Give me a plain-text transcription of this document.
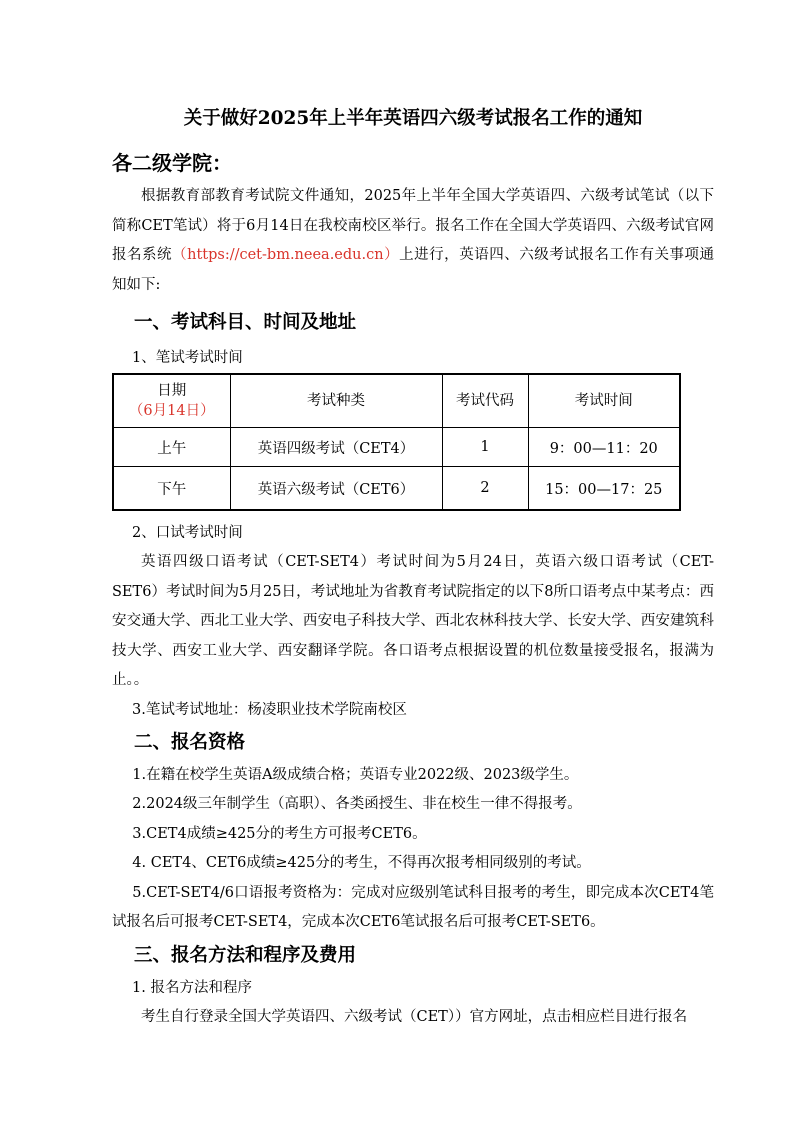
关于做好2025年上半年英语四六级考试报名工作的通知
各二级学院：

根据教育部教育考试院文件通知，2025年上半年全国大学英语四、六级考试笔试（以下简称CET笔试）将于6月14日在我校南校区举行。报名工作在全国大学英语四、六级考试官网报名系统（https://cet-bm.neea.edu.cn）上进行，英语四、六级考试报名工作有关事项通知如下:

一、考试科目、时间及地址
1、笔试考试时间
日期
（6月14日）	考试种类	考试代码	考试时间
上午	英语四级考试（CET4）	1	9：00—11：20
下午	英语六级考试（CET6）	2	15：00—17：25
2、口试考试时间

英语四级口语考试（CET-SET4）考试时间为5月24日，英语六级口语考试（CET-SET6）考试时间为5月25日，考试地址为省教育考试院指定的以下8所口语考点中某考点：西安交通大学、西北工业大学、西安电子科技大学、西北农林科技大学、长安大学、西安建筑科技大学、西安工业大学、西安翻译学院。各口语考点根据设置的机位数量接受报名，报满为止。。

3.笔试考试地址：杨凌职业技术学院南校区
二、报名资格

1.在籍在校学生英语A级成绩合格；英语专业2022级、2023级学生。

2.2024级三年制学生（高职）、各类函授生、非在校生一律不得报考。

3.CET4成绩≥425分的考生方可报考CET6。

4. CET4、CET6成绩≥425分的考生，不得再次报考相同级别的考试。

5.CET-SET4/6口语报考资格为：完成对应级别笔试科目报考的考生，即完成本次CET4笔试报名后可报考CET-SET4，完成本次CET6笔试报名后可报考CET-SET6。

三、报名方法和程序及费用
1. 报名方法和程序

考生自行登录全国大学英语四、六级考试（CET））官方网址，点击相应栏目进行报名
